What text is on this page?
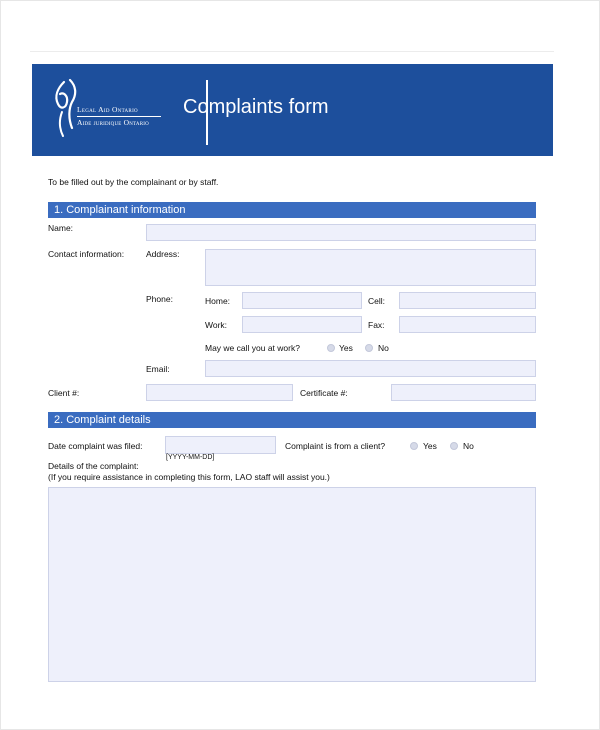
Legal Aid Ontario
Aide juridique Ontario
Complaints form
To be filled out by the complainant or by staff.
1. Complainant information
Name:
Contact information:	Address:
Phone:	Home:	Cell:
Work:	Fax:
May we call you at work?	Yes	No
Email:
Client #:	Certificate #:
2. Complaint details
Date complaint was filed:
[YYYY-MM-DD]
Complaint is from a client?	Yes	No
Details of the complaint:
(If you require assistance in completing this form, LAO staff will assist you.)
